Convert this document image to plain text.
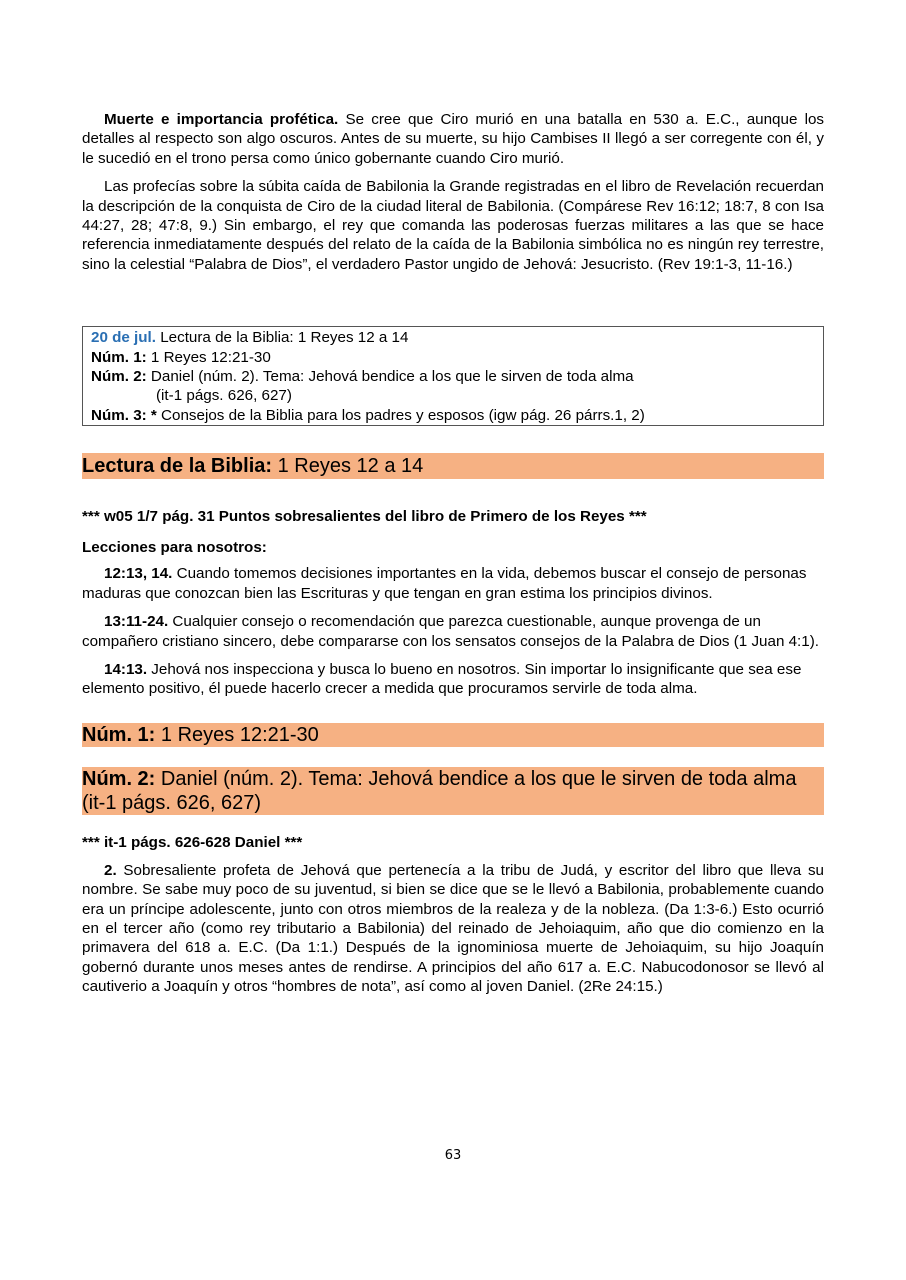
Muerte e importancia profética. Se cree que Ciro murió en una batalla en 530 a. E.C., aunque los detalles al respecto son algo oscuros. Antes de su muerte, su hijo Cambises II llegó a ser corregente con él, y le sucedió en el trono persa como único gobernante cuando Ciro murió.

Las profecías sobre la súbita caída de Babilonia la Grande registradas en el libro de Revelación recuerdan la descripción de la conquista de Ciro de la ciudad literal de Babilonia. (Compárese Rev 16:12; 18:7, 8 con Isa 44:27, 28; 47:8, 9.) Sin embargo, el rey que comanda las poderosas fuerzas militares a las que se hace referencia inmediatamente después del relato de la caída de la Babilonia simbólica no es ningún rey terrestre, sino la celestial “Palabra de Dios”, el verdadero Pastor ungido de Jehová: Jesucristo. (Rev 19:1-3, 11-16.)

20 de jul. Lectura de la Biblia: 1 Reyes 12 a 14
Núm. 1: 1 Reyes 12:21-30
Núm. 2: Daniel (núm. 2). Tema: Jehová bendice a los que le sirven de toda alma
(it-1 págs. 626, 627)
Núm. 3: * Consejos de la Biblia para los padres y esposos (igw pág. 26 párrs.1, 2)
Lectura de la Biblia: 1 Reyes 12 a 14
*** w05 1/7 pág. 31 Puntos sobresalientes del libro de Primero de los Reyes ***
Lecciones para nosotros:

12:13, 14. Cuando tomemos decisiones importantes en la vida, debemos buscar el consejo de personas maduras que conozcan bien las Escrituras y que tengan en gran estima los principios divinos.

13:11-24. Cualquier consejo o recomendación que parezca cuestionable, aunque provenga de un compañero cristiano sincero, debe compararse con los sensatos consejos de la Palabra de Dios (1 Juan 4:1).

14:13. Jehová nos inspecciona y busca lo bueno en nosotros. Sin importar lo insignificante que sea ese elemento positivo, él puede hacerlo crecer a medida que procuramos servirle de toda alma.

Núm. 1: 1 Reyes 12:21-30
Núm. 2: Daniel (núm. 2). Tema: Jehová bendice a los que le sirven de toda alma (it-1 págs. 626, 627)
*** it-1 págs. 626-628 Daniel ***

2. Sobresaliente profeta de Jehová que pertenecía a la tribu de Judá, y escritor del libro que lleva su nombre. Se sabe muy poco de su juventud, si bien se dice que se le llevó a Babilonia, probablemente cuando era un príncipe adolescente, junto con otros miembros de la realeza y de la nobleza. (Da 1:3-6.) Esto ocurrió en el tercer año (como rey tributario a Babilonia) del reinado de Jehoiaquim, año que dio comienzo en la primavera del 618 a. E.C. (Da 1:1.) Después de la ignominiosa muerte de Jehoiaquim, su hijo Joaquín gobernó durante unos meses antes de rendirse. A principios del año 617 a. E.C. Nabucodonosor se llevó al cautiverio a Joaquín y otros “hombres de nota”, así como al joven Daniel. (2Re 24:15.)

63
